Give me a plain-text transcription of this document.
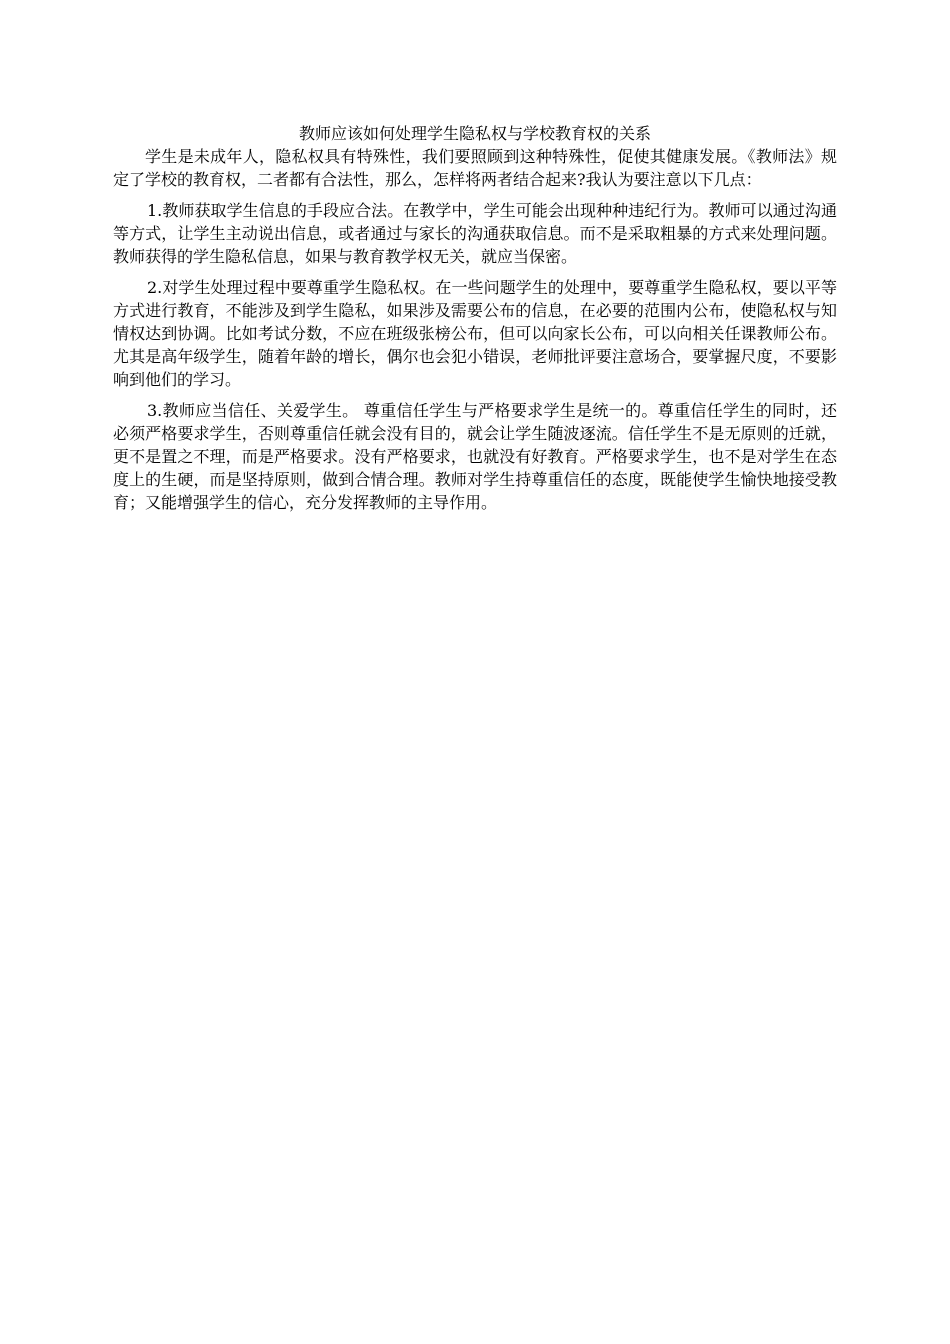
教师应该如何处理学生隐私权与学校教育权的关系

学生是未成年人，隐私权具有特殊性，我们要照顾到这种特殊性，促使其健康发展。《教师法》规定了学校的教育权，二者都有合法性，那么，怎样将两者结合起来?我认为要注意以下几点：

1.教师获取学生信息的手段应合法。在教学中，学生可能会出现种种违纪行为。教师可以通过沟通等方式，让学生主动说出信息，或者通过与家长的沟通获取信息。而不是采取粗暴的方式来处理问题。教师获得的学生隐私信息，如果与教育教学权无关，就应当保密。

2.对学生处理过程中要尊重学生隐私权。在一些问题学生的处理中，要尊重学生隐私权，要以平等方式进行教育，不能涉及到学生隐私，如果涉及需要公布的信息，在必要的范围内公布，使隐私权与知情权达到协调。比如考试分数，不应在班级张榜公布，但可以向家长公布，可以向相关任课教师公布。尤其是高年级学生，随着年龄的增长，偶尔也会犯小错误，老师批评要注意场合，要掌握尺度，不要影响到他们的学习。

3.教师应当信任、关爱学生。 尊重信任学生与严格要求学生是统一的。尊重信任学生的同时，还必须严格要求学生，否则尊重信任就会没有目的，就会让学生随波逐流。信任学生不是无原则的迁就，更不是置之不理，而是严格要求。没有严格要求，也就没有好教育。严格要求学生，也不是对学生在态度上的生硬，而是坚持原则，做到合情合理。教师对学生持尊重信任的态度，既能使学生愉快地接受教育；又能增强学生的信心，充分发挥教师的主导作用。
